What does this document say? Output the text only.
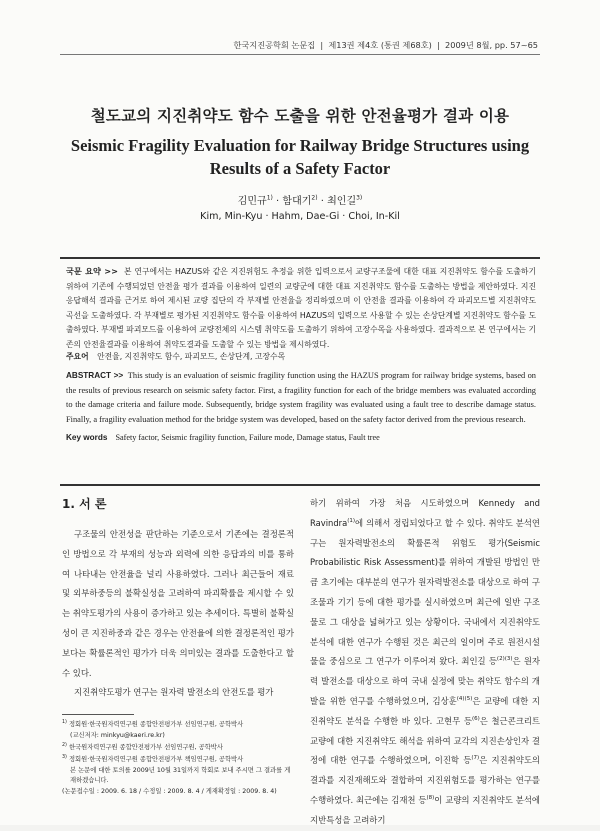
한국지진공학회 논문집  |  제13권 제4호 (통권 제68호)  |  2009년 8월, pp. 57~65
철도교의 지진취약도 함수 도출을 위한 안전율평가 결과 이용
Seismic Fragility Evaluation for Railway Bridge Structures using Results of a Safety Factor
김민규$^{1)}$ · 함대기$^{2)}$ · 최인길$^{3)}$
Kim, Min-Kyu · Hahm, Dae-Gi · Choi, In-Kil

국문 요약 >> 본 연구에서는 HAZUS와 같은 지진위험도 추정을 위한 입력으로서 교량구조물에 대한 대표 지진취약도 함수를 도출하기 위하여 기존에 수행되었던 안전율 평가 결과를 이용하여 일련의 교량군에 대한 대표 지진취약도 함수를 도출하는 방법을 제안하였다. 지진응답해석 결과를 근거로 하여 제시된 교량 집단의 각 부재별 안전율을 정리하였으며 이 안전율 결과를 이용하여 각 파괴모드별 지진취약도 곡선을 도출하였다. 각 부재별로 평가된 지진취약도 함수를 이용하여 HAZUS의 입력으로 사용할 수 있는 손상단계별 지진취약도 함수를 도출하였다. 부재별 파괴모드를 이용하여 교량전체의 시스템 취약도를 도출하기 위하여 고장수목을 사용하였다. 결과적으로 본 연구에서는 기존의 안전율결과를 이용하여 취약도결과를 도출할 수 있는 방법을 제시하였다.

주요어 안전율, 지진취약도 함수, 파괴모드, 손상단계, 고장수목

ABSTRACT >> This study is an evaluation of seismic fragility function using the HAZUS program for railway bridge systems, based on the results of previous research on seismic safety factor. First, a fragility function for each of the bridge members was evaluated according to the damage criteria and failure mode. Subsequently, bridge system fragility was evaluated using a fault tree to describe damage status. Finally, a fragility evaluation method for the bridge system was developed, based on the safety factor derived from the previous research.

Key words Safety factor, Seismic fragility function, Failure mode, Damage status, Fault tree
1. 서 론
구조물의 안전성을 판단하는 기준으로서 기존에는 결정론적인 방법으로 각 부재의 성능과 외력에 의한 응답과의 비를 통하여 나타내는 안전율을 널리 사용하였다. 그러나 최근들어 재료 및 외부하중등의 불확실성을 고려하여 파괴확률을 제시할 수 있는 취약도평가의 사용이 증가하고 있는 추세이다. 특별히 불확실성이 큰 지진하중과 같은 경우는 안전율에 의한 결정론적인 평가보다는 확률론적인 평가가 더욱 의미있는 결과를 도출한다고 할 수 있다.
지진취약도평가 연구는 원자력 발전소의 안전도를 평가
하기 위하여 가장 처음 시도하였으며 Kennedy and Ravindra$^{(1)}$에 의해서 정립되었다고 할 수 있다. 취약도 분석연구는 원자력발전소의 확률론적 위험도 평가(Seismic Probabilistic Risk Assessment)를 위하여 개발된 방법인 만큼 초기에는 대부분의 연구가 원자력발전소를 대상으로 하여 구조물과 기기 등에 대한 평가를 실시하였으며 최근에 일반 구조물로 그 대상을 넓혀가고 있는 상황이다. 국내에서 지진취약도 분석에 대한 연구가 수행된 것은 최근의 일이며 주로 원전시설물을 중심으로 그 연구가 이루어져 왔다. 최인길 등$^{(2)(3)}$은 원자력 발전소를 대상으로 하여 국내 실정에 맞는 취약도 함수의 개발을 위한 연구를 수행하였으며, 김상훈$^{(4)(5)}$은 교량에 대한 지진취약도 분석을 수행한 바 있다. 고현무 등$^{(6)}$은 철근콘크리트 교량에 대한 지진취약도 해석을 위하여 교각의 지진손상인자 결정에 대한 연구를 수행하였으며, 이진학 등$^{(7)}$은 지진취약도의 결과를 지진재해도와 결합하여 지진위험도를 평가하는 연구를 수행하였다. 최근에는 김재천 등$^{(8)}$이 교량의 지진취약도 분석에 지반특성을 고려하기
$^{1)}$ 정회원·한국원자력연구원 종합안전평가부 선임연구원, 공학박사
(교신저자: minkyu@kaeri.re.kr)
$^{2)}$ 한국원자력연구원 종합안전평가부 선임연구원, 공학박사
$^{3)}$ 정회원·한국원자력연구원 종합안전평가부 책임연구원, 공학박사
본 논문에 대한 토의를 2009년 10월 31일까지 학회로 보내 주시면 그 결과를 게재하겠습니다.
(논문접수일 : 2009. 6. 18 / 수정일 : 2009. 8. 4 / 게재확정일 : 2009. 8. 4)
